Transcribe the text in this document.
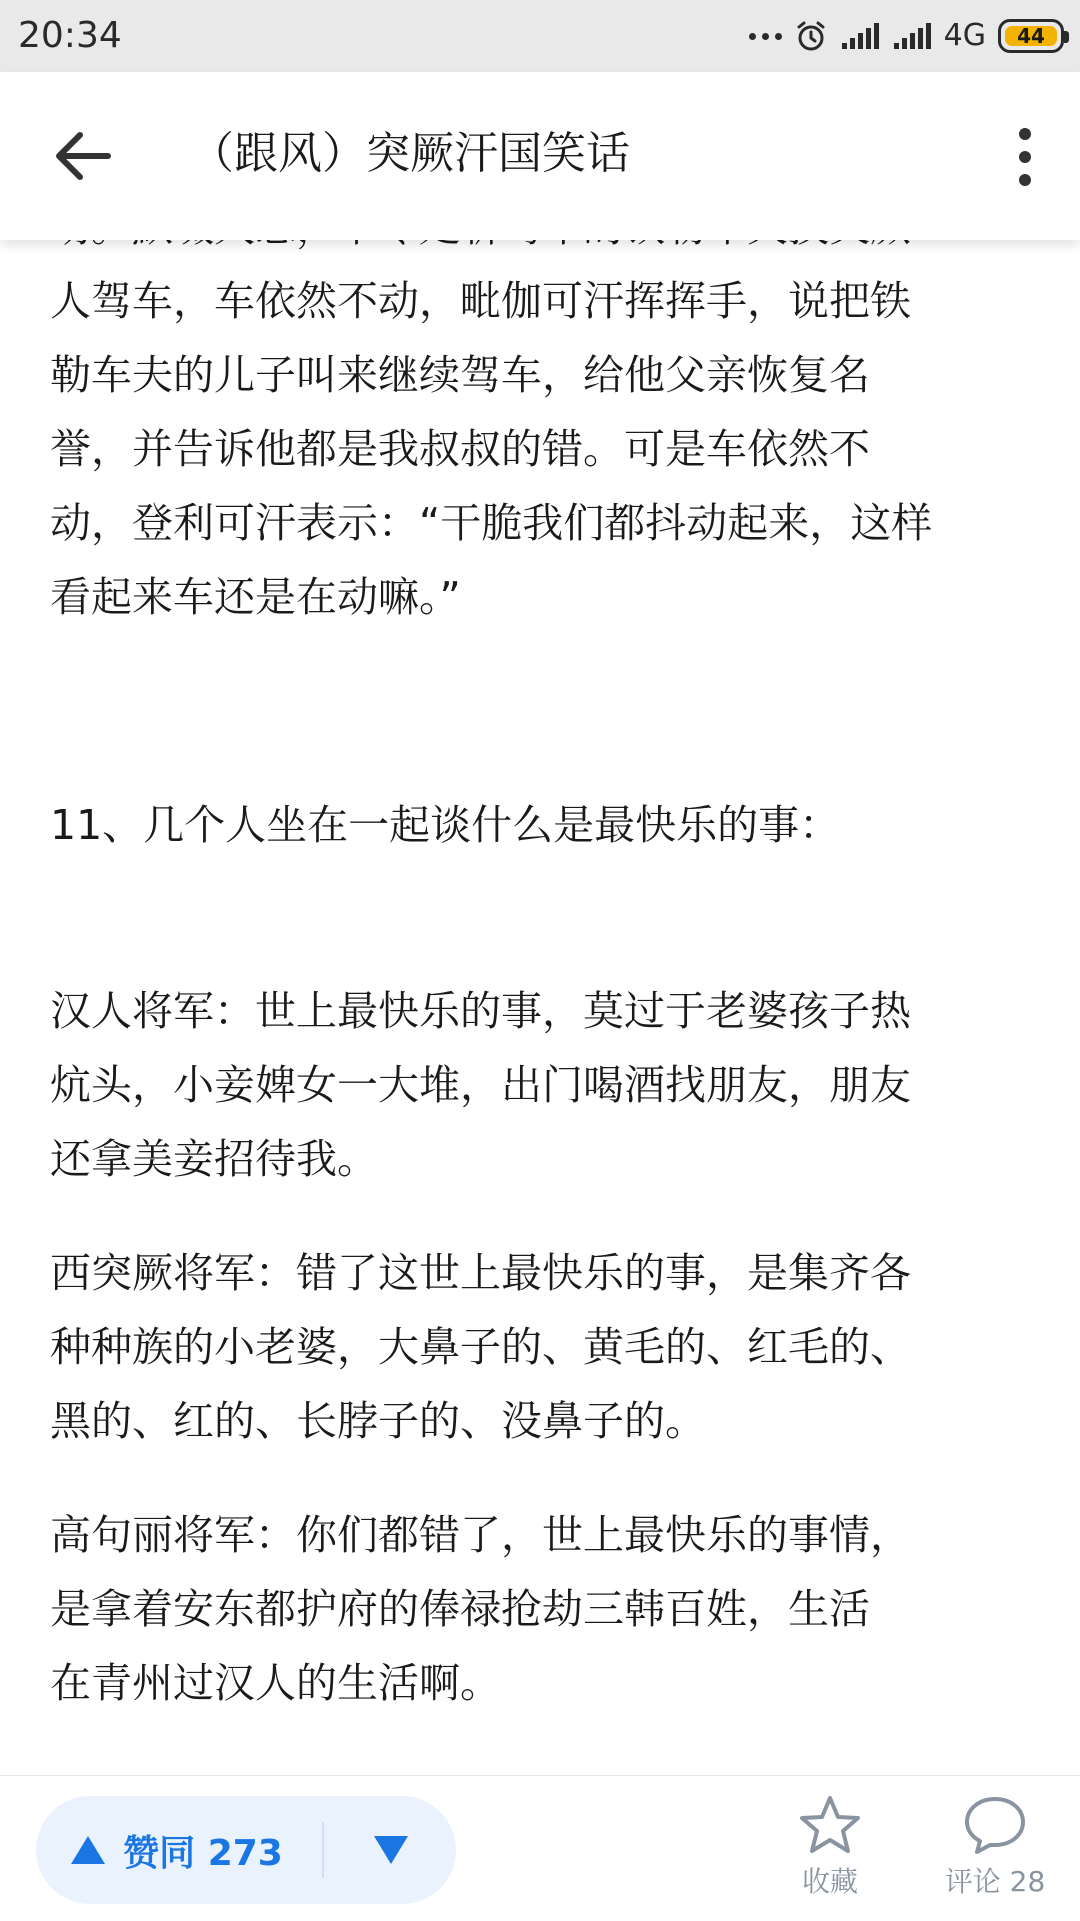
20:34	4G 44
（跟风）突厥汗国笑话
人驾车，车依然不动，毗伽可汗挥挥手，说把铁
勒车夫的儿子叫来继续驾车，给他父亲恢复名
誉，并告诉他都是我叔叔的错。可是车依然不
动，登利可汗表示：“干脆我们都抖动起来，这样
看起来车还是在动嘛。”
11、几个人坐在一起谈什么是最快乐的事：
汉人将军：世上最快乐的事，莫过于老婆孩子热
炕头，小妾婢女一大堆，出门喝酒找朋友，朋友
还拿美妾招待我。
西突厥将军：错了这世上最快乐的事，是集齐各
种种族的小老婆，大鼻子的、黄毛的、红毛的、
黑的、红的、长脖子的、没鼻子的。
高句丽将军：你们都错了，世上最快乐的事情，
是拿着安东都护府的俸禄抢劫三韩百姓，生活
在青州过汉人的生活啊。
赞同 273
收藏	评论 28
